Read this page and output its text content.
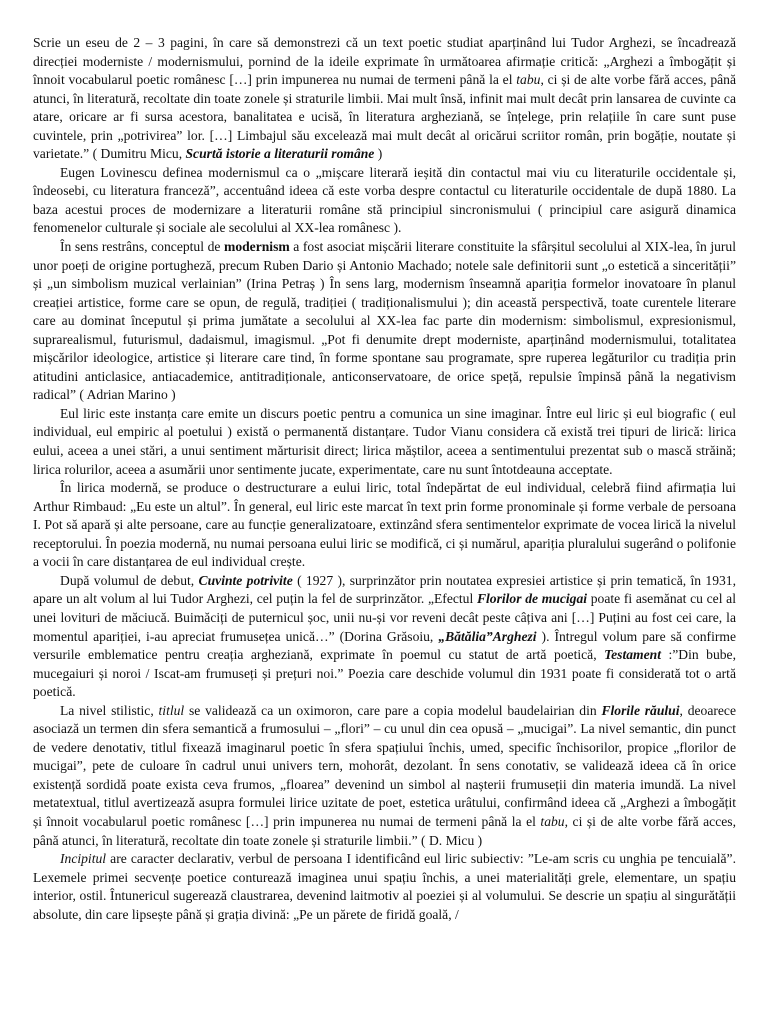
Scrie un eseu de 2 – 3 pagini, în care să demonstrezi că un text poetic studiat aparținând lui Tudor Arghezi, se încadrează direcției moderniste / modernismului, pornind de la ideile exprimate în următoarea afirmație critică: „Arghezi a îmbogățit și înnoit vocabularul poetic românesc […] prin impunerea nu numai de termeni până la el tabu, ci și de alte vorbe fără acces, până atunci, în literatură, recoltate din toate zonele și straturile limbii. Mai mult însă, infinit mai mult decât prin lansarea de cuvinte ca atare, oricare ar fi sursa acestora, banalitatea e ucisă, în literatura argheziană, se înțelege, prin relațiile în care sunt puse cuvintele, prin „potrivirea” lor. […] Limbajul său excelează mai mult decât al oricărui scriitor român, prin bogăție, noutate și varietate.” ( Dumitru Micu, Scurtă istorie a literaturii române )

Eugen Lovinescu definea modernismul ca o „mișcare literară ieșită din contactul mai viu cu literaturile occidentale și, îndeosebi, cu literatura franceză”, accentuând ideea că este vorba despre contactul cu literaturile occidentale de după 1880. La baza acestui proces de modernizare a literaturii române stă principiul sincronismului ( principiul care asigură dinamica fenomenelor culturale și sociale ale secolului al XX-lea românesc ).

În sens restrâns, conceptul de modernism a fost asociat mișcării literare constituite la sfârșitul secolului al XIX-lea, în jurul unor poeți de origine portugheză, precum Ruben Dario și Antonio Machado; notele sale definitorii sunt „o estetică a sincerității” și „un simbolism muzical verlainian” (Irina Petraș ) În sens larg, modernism înseamnă apariția formelor inovatoare în planul creației artistice, forme care se opun, de regulă, tradiției ( tradiționalismului ); din această perspectivă, toate curentele literare care au dominat începutul și prima jumătate a secolului al XX-lea fac parte din modernism: simbolismul, expresionismul, suprarealismul, futurismul, dadaismul, imagismul. „Pot fi denumite drept moderniste, aparținând modernismului, totalitatea mișcărilor ideologice, artistice și literare care tind, în forme spontane sau programate, spre ruperea legăturilor cu tradiția prin atitudini anticlasice, antiacademice, antitradiționale, anticonservatoare, de orice speță, repulsie împinsă până la negativism radical” ( Adrian Marino )

Eul liric este instanța care emite un discurs poetic pentru a comunica un sine imaginar. Între eul liric și eul biografic ( eul individual, eul empiric al poetului ) există o permanentă distanțare. Tudor Vianu considera că există trei tipuri de lirică: lirica eului, aceea a unei stări, a unui sentiment mărturisit direct; lirica măștilor, aceea a sentimentului prezentat sub o mască străină; lirica rolurilor, aceea a asumării unor sentimente jucate, experimentate, care nu sunt întotdeauna acceptate.

În lirica modernă, se produce o destructurare a eului liric, total îndepărtat de eul individual, celebră fiind afirmația lui Arthur Rimbaud: „Eu este un altul”. În general, eul liric este marcat în text prin forme pronominale și forme verbale de persoana I. Pot să apară și alte persoane, care au funcție generalizatoare, extinzând sfera sentimentelor exprimate de vocea lirică la nivelul receptorului. În poezia modernă, nu numai persoana eului liric se modifică, ci și numărul, apariția pluralului sugerând o polifonie a vocii în care distanțarea de eul individual crește.

După volumul de debut, Cuvinte potrivite ( 1927 ), surprinzător prin noutatea expresiei artistice și prin tematică, în 1931, apare un alt volum al lui Tudor Arghezi, cel puțin la fel de surprinzător. „Efectul Florilor de mucigai poate fi asemănat cu cel al unei lovituri de măciucă. Buimăciți de puternicul șoc, unii nu-și vor reveni decât peste câțiva ani […] Puțini au fost cei care, la momentul apariției, i-au apreciat frumusețea unică…” (Dorina Grăsoiu, „Bătălia”Arghezi ). Întregul volum pare să confirme versurile emblematice pentru creația argheziană, exprimate în poemul cu statut de artă poetică, Testament :”Din bube, mucegaiuri și noroi / Iscat-am frumuseți și prețuri noi.” Poezia care deschide volumul din 1931 poate fi considerată tot o artă poetică.

La nivel stilistic, titlul se validează ca un oximoron, care pare a copia modelul baudelairian din Florile răului, deoarece asociază un termen din sfera semantică a frumosului – „flori” – cu unul din cea opusă – „mucigai”. La nivel semantic, din punct de vedere denotativ, titlul fixează imaginarul poetic în sfera spațiului închis, umed, specific închisorilor, propice „florilor de mucigai”, pete de culoare în cadrul unui univers tern, mohorât, dezolant. În sens conotativ, se validează ideea că în orice existență sordidă poate exista ceva frumos, „floarea” devenind un simbol al nașterii frumuseții din materia imundă. La nivel metatextual, titlul avertizează asupra formulei lirice uzitate de poet, estetica urâtului, confirmând ideea că „Arghezi a îmbogățit și înnoit vocabularul poetic românesc […] prin impunerea nu numai de termeni până la el tabu, ci și de alte vorbe fără acces, până atunci, în literatură, recoltate din toate zonele și straturile limbii.” ( D. Micu )

Incipitul are caracter declarativ, verbul de persoana I identificând eul liric subiectiv: ”Le-am scris cu unghia pe tencuială”. Lexemele primei secvențe poetice conturează imaginea unui spațiu închis, a unei materialități grele, elementare, un spațiu interior, ostil. Întunericul sugerează claustrarea, devenind laitmotiv al poeziei și al volumului. Se descrie un spațiu al singurătății absolute, din care lipsește până și grația divină: „Pe un părete de firidă goală, /
